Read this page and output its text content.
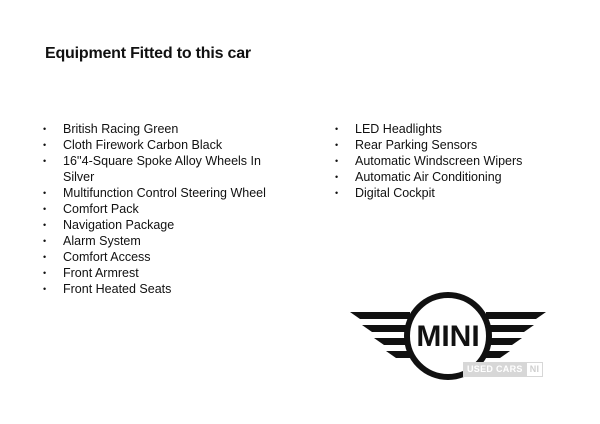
Equipment Fitted to this car
• British Racing Green
• Cloth Firework Carbon Black
• 16''4-Square Spoke Alloy Wheels In Silver
• Multifunction Control Steering Wheel
• Comfort Pack
• Navigation Package
• Alarm System
• Comfort Access
• Front Armrest
• Front Heated Seats
• LED Headlights
• Rear Parking Sensors
• Automatic Windscreen Wipers
• Automatic Air Conditioning
• Digital Cockpit
MINI
USED CARS NI
